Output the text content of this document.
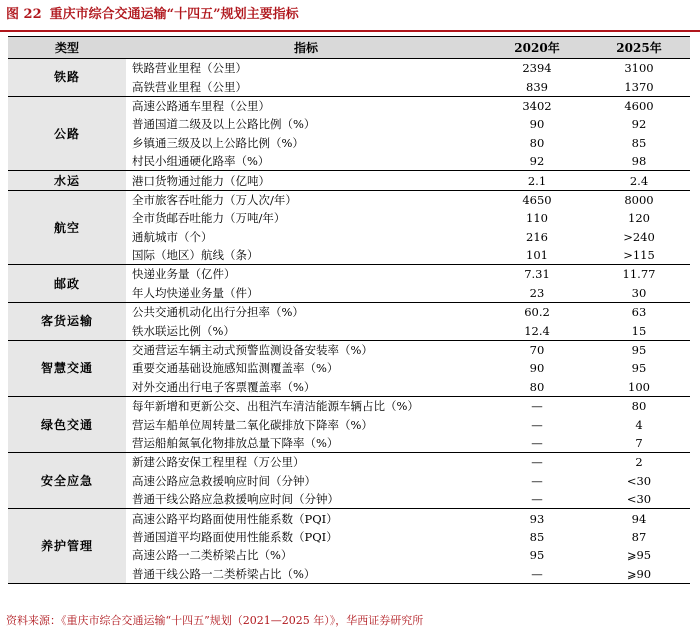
图 22 重庆市综合交通运输“十四五”规划主要指标
类型	指标	2020年	2025年
铁路	铁路营业里程（公里）	2394	3100
	高铁营业里程（公里）	839	1370
公路	高速公路通车里程（公里）	3402	4600
	普通国道二级及以上公路比例（%）	90	92
	乡镇通三级及以上公路比例（%）	80	85
	村民小组通硬化路率（%）	92	98
水运	港口货物通过能力（亿吨）	2.1	2.4
航空	全市旅客吞吐能力（万人次/年）	4650	8000
	全市货邮吞吐能力（万吨/年）	110	120
	通航城市（个）	216	>240
	国际（地区）航线（条）	101	>115
邮政	快递业务量（亿件）	7.31	11.77
	年人均快递业务量（件）	23	30
客货运输	公共交通机动化出行分担率（%）	60.2	63
	铁水联运比例（%）	12.4	15
智慧交通	交通营运车辆主动式预警监测设备安装率（%）	70	95
	重要交通基础设施感知监测覆盖率（%）	90	95
	对外交通出行电子客票覆盖率（%）	80	100
绿色交通	每年新增和更新公交、出租汽车清洁能源车辆占比（%）	—	80
	营运车船单位周转量二氧化碳排放下降率（%）	—	4
	营运船舶氮氧化物排放总量下降率（%）	—	7
安全应急	新建公路安保工程里程（万公里）	—	2
	高速公路应急救援响应时间（分钟）	—	<30
	普通干线公路应急救援响应时间（分钟）	—	<30
养护管理	高速公路平均路面使用性能系数（PQI）	93	94
	普通国道平均路面使用性能系数（PQI）	85	87
	高速公路一二类桥梁占比（%）	95	⩾95
	普通干线公路一二类桥梁占比（%）	—	⩾90
资料来源：《重庆市综合交通运输“十四五”规划（2021—2025 年）》，华西证券研究所
